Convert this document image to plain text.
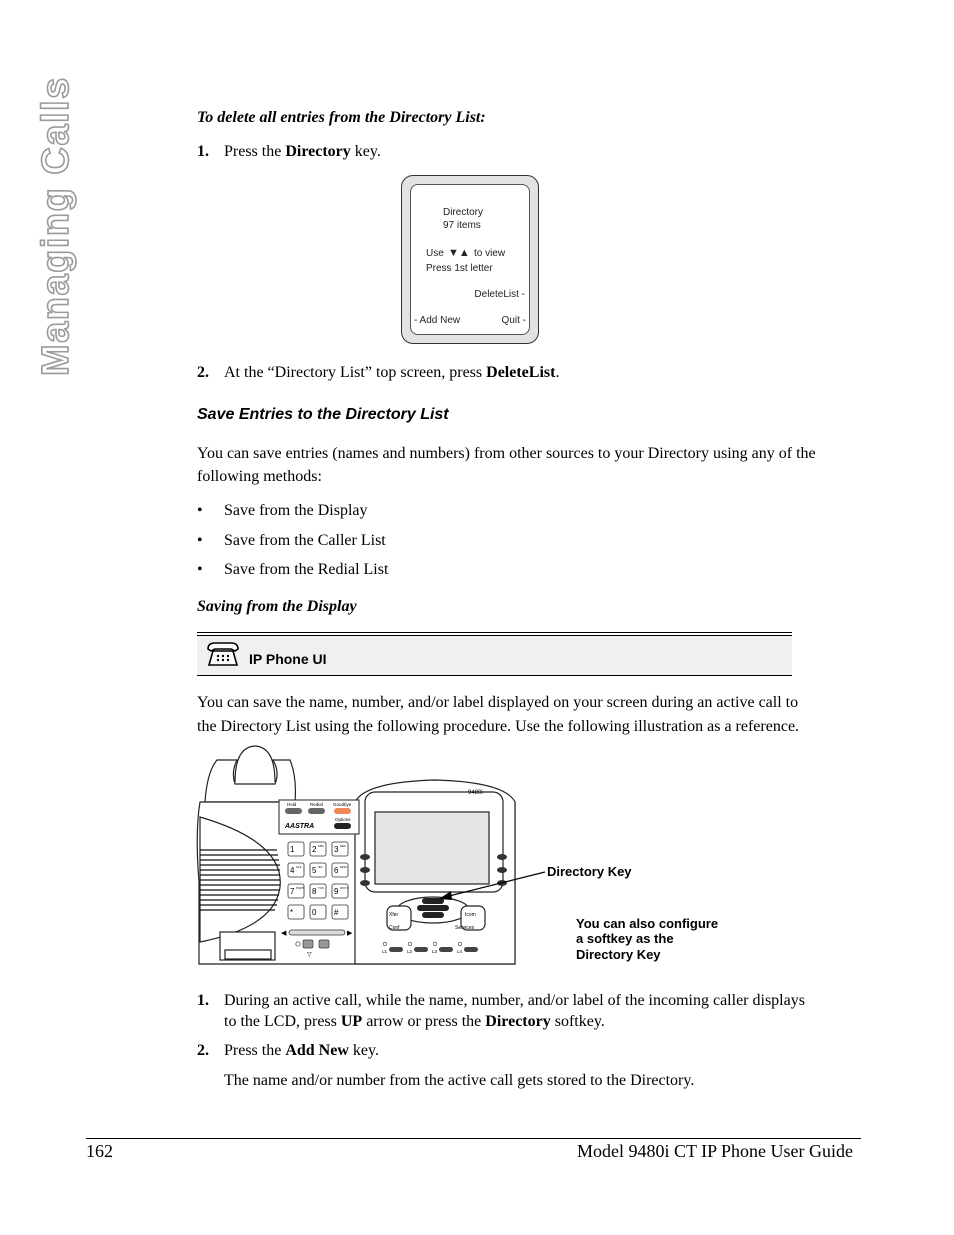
Managing Calls	To delete all entries from the Directory List:
1. Press the Directory key.
Directory
97 items
Use ▼▲ to view
Press 1st letter
DeleteList -
- Add New	Quit -
2. At the “Directory List” top screen, press DeleteList.
Save Entries to the Directory List
You can save entries (names and numbers) from other sources to your Directory using any of the
following methods:
• Save from the Display
• Save from the Caller List
• Save from the Redial List
Saving from the Display
IP Phone UI
You can save the name, number, and/or label displayed on your screen during an active call to
the Directory List using the following procedure. Use the following illustration as a reference.
Hold	Redial Goodbye
Options
AASTRA
9480i
1 2 ABC 3 DEF
4 GHI 5 JKL 6 MNO
7 PQRS 8 TUV 9 WXYZ
* 0 #
◀	▶
▽
Xfer
Conf
Icom
Services
L1	L2	L3	L4
Directory Key
You can also configure
a softkey as the
Directory Key
1. During an active call, while the name, number, and/or label of the incoming caller displays
to the LCD, press UP arrow or press the Directory softkey.
2. Press the Add New key.
The name and/or number from the active call gets stored to the Directory.
162	Model 9480i CT IP Phone User Guide
